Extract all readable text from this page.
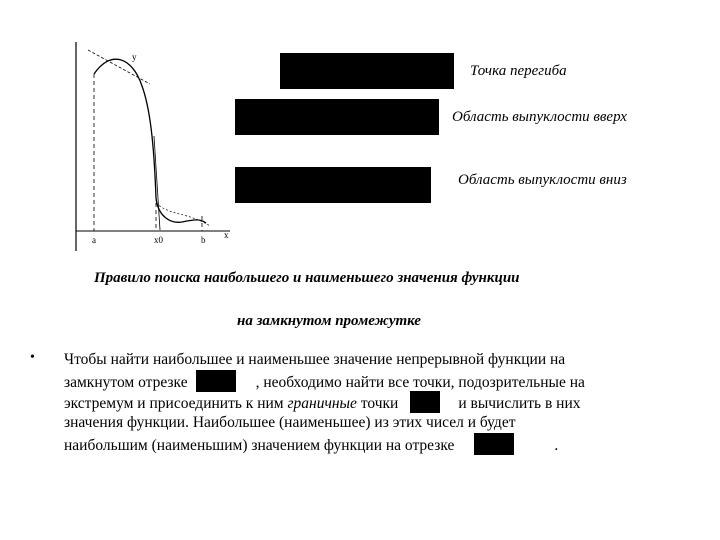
y
x
a	x0	b
Точка перегиба
Область выпуклости вверх
Область выпуклости вниз
Правило поиска наибольшего и наименьшего значения функции
на замкнутом промежутке
• Чтобы найти наибольшее и наименьшее значение непрерывной функции на
замкнутом отрезке	, необходимо найти все точки, подозрительные на
экстремум и присоединить к ним граничные точки	и вычислить в них
значения функции. Наибольшее (наименьшее) из этих чисел и будет
наибольшим (наименьшим) значением функции на отрезке	.
